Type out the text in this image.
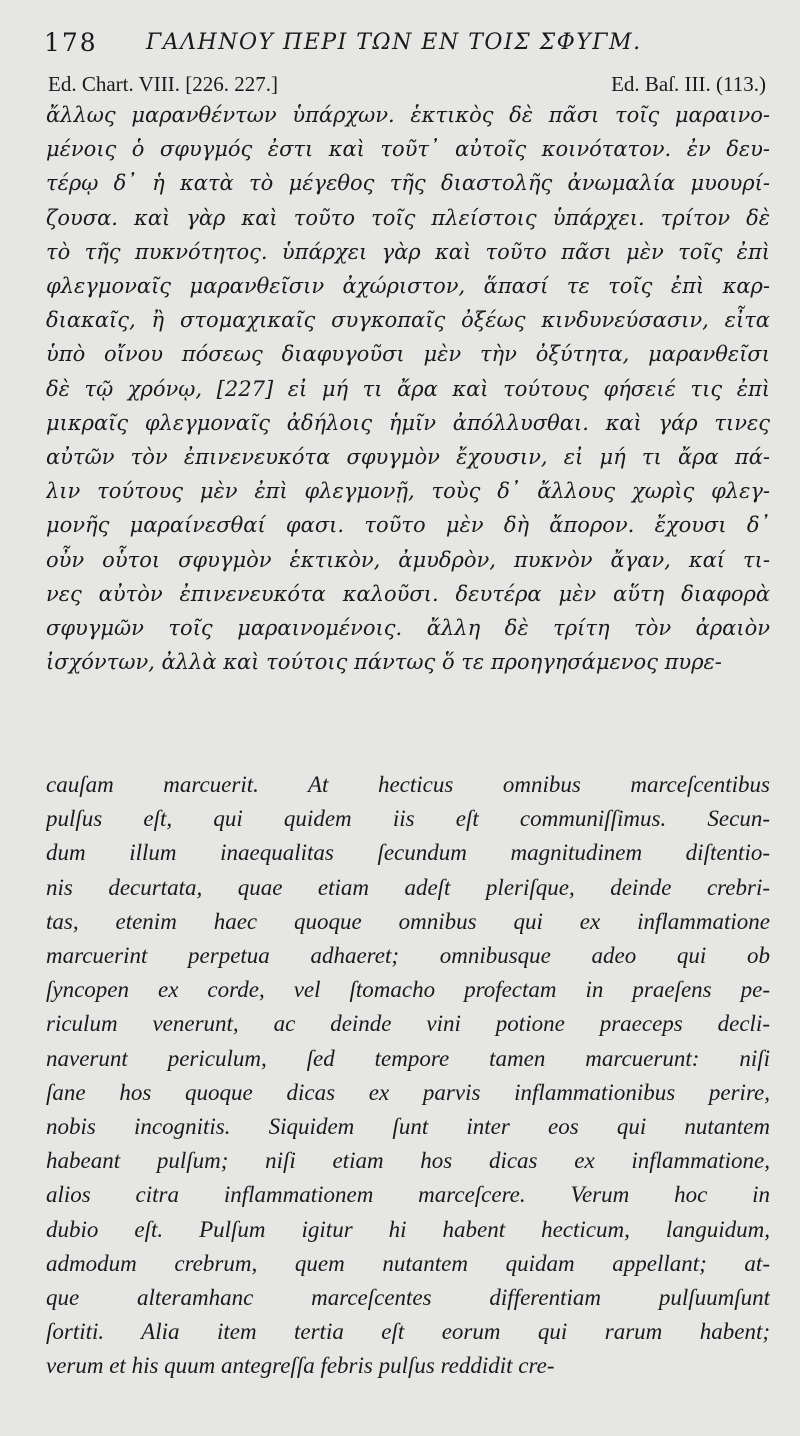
178 ΓΑΛΗΝΟΥ ΠΕΡΙ ΤΩΝ ΕΝ ΤΟΙΣ ΣΦΥΓΜ.
Ed. Chart. VIII. [226. 227.]	Ed. Baſ. III. (113.)
ἄλλως μαρανθέντων ὑπάρχων. ἑκτικὸς δὲ πᾶσι τοῖς μαραινο-
μένοις ὁ σφυγμός ἐστι καὶ τοῦτ᾽ αὐτοῖς κοινότατον. ἐν δευ-
τέρῳ δ᾽ ἡ κατὰ τὸ μέγεθος τῆς διαστολῆς ἀνωμαλία μυουρί-
ζουσα. καὶ γὰρ καὶ τοῦτο τοῖς πλείστοις ὑπάρχει. τρίτον δὲ
τὸ τῆς πυκνότητος. ὑπάρχει γὰρ καὶ τοῦτο πᾶσι μὲν τοῖς ἐπὶ
φλεγμοναῖς μαρανθεῖσιν ἀχώριστον, ἅπασί τε τοῖς ἐπὶ καρ-
διακαῖς, ἢ στομαχικαῖς συγκοπαῖς ὀξέως κινδυνεύσασιν, εἶτα
ὑπὸ οἴνου πόσεως διαφυγοῦσι μὲν τὴν ὀξύτητα, μαρανθεῖσι
δὲ τῷ χρόνῳ, [227] εἰ μή τι ἄρα καὶ τούτους φήσειέ τις ἐπὶ
μικραῖς φλεγμοναῖς ἀδήλοις ἡμῖν ἀπόλλυσθαι. καὶ γάρ τινες
αὐτῶν τὸν ἐπινενευκότα σφυγμὸν ἔχουσιν, εἰ μή τι ἄρα πά-
λιν τούτους μὲν ἐπὶ φλεγμονῇ, τοὺς δ᾽ ἄλλους χωρὶς φλεγ-
μονῆς μαραίνεσθαί φασι. τοῦτο μὲν δὴ ἄπορον. ἔχουσι δ᾽
οὖν οὗτοι σφυγμὸν ἑκτικὸν, ἀμυδρὸν, πυκνὸν ἄγαν, καί τι-
νες αὐτὸν ἐπινενευκότα καλοῦσι. δευτέρα μὲν αὕτη διαφορὰ
σφυγμῶν τοῖς μαραινομένοις. ἄλλη δὲ τρίτη τὸν ἀραιὸν
ἰσχόντων, ἀλλὰ καὶ τούτοις πάντως ὅ τε προηγησάμενος πυρε-
cauſam marcuerit. At hecticus omnibus marceſcentibus
pulſus eſt, qui quidem iis eſt communiſſimus. Secun-
dum illum inaequalitas ſecundum magnitudinem diſtentio-
nis decurtata, quae etiam adeſt pleriſque, deinde crebri-
tas, etenim haec quoque omnibus qui ex inflammatione
marcuerint perpetua adhaeret; omnibusque adeo qui ob
ſyncopen ex corde, vel ſtomacho profectam in praeſens pe-
riculum venerunt, ac deinde vini potione praeceps decli-
naverunt periculum, ſed tempore tamen marcuerunt: niſi
ſane hos quoque dicas ex parvis inflammationibus perire,
nobis incognitis. Siquidem ſunt inter eos qui nutantem
habeant pulſum; niſi etiam hos dicas ex inflammatione,
alios citra inflammationem marceſcere. Verum hoc in
dubio eſt. Pulſum igitur hi habent hecticum, languidum,
admodum crebrum, quem nutantem quidam appellant; at-
que alteramhanc marceſcentes differentiam pulſuumſunt
ſortiti. Alia item tertia eſt eorum qui rarum habent;
verum et his quum antegreſſa febris pulſus reddidit cre-
